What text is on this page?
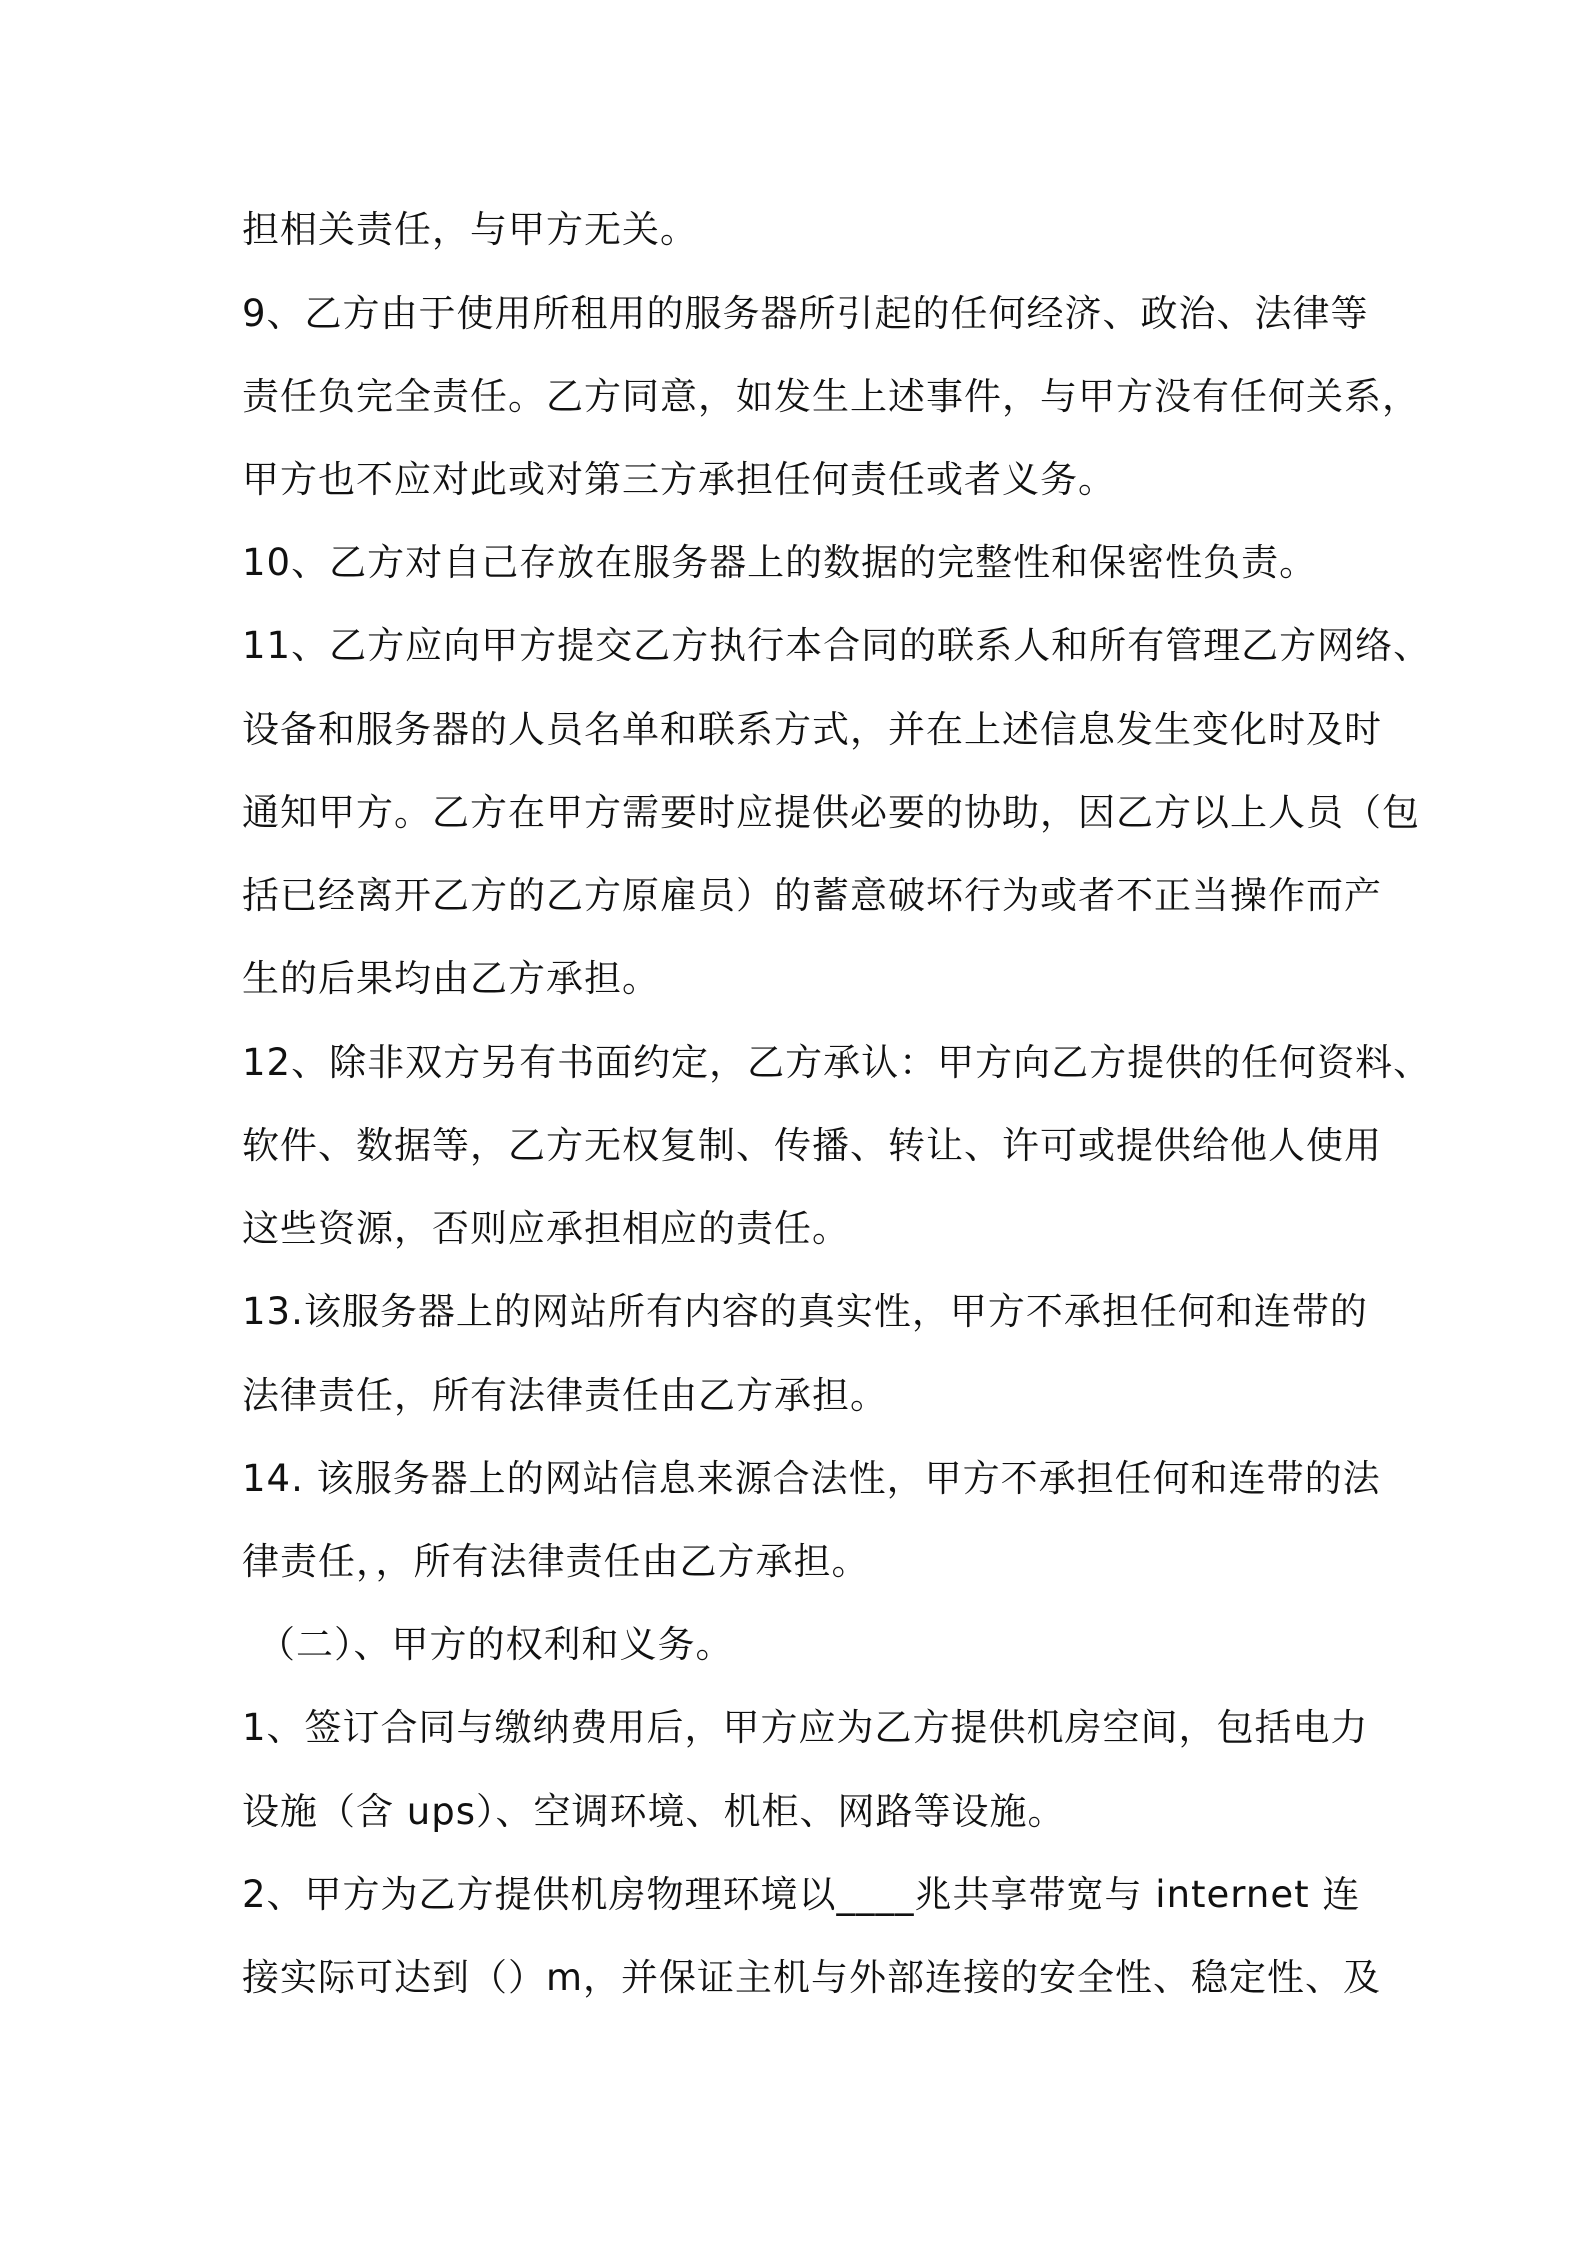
担相关责任，与甲方无关。
9、乙方由于使用所租用的服务器所引起的任何经济、政治、法律等
责任负完全责任。乙方同意，如发生上述事件，与甲方没有任何关系，
甲方也不应对此或对第三方承担任何责任或者义务。
10、乙方对自己存放在服务器上的数据的完整性和保密性负责。
11、乙方应向甲方提交乙方执行本合同的联系人和所有管理乙方网络、
设备和服务器的人员名单和联系方式，并在上述信息发生变化时及时
通知甲方。乙方在甲方需要时应提供必要的协助，因乙方以上人员（包
括已经离开乙方的乙方原雇员）的蓄意破坏行为或者不正当操作而产
生的后果均由乙方承担。
12、除非双方另有书面约定，乙方承认：甲方向乙方提供的任何资料、
软件、数据等，乙方无权复制、传播、转让、许可或提供给他人使用
这些资源，否则应承担相应的责任。
13.该服务器上的网站所有内容的真实性，甲方不承担任何和连带的
法律责任，所有法律责任由乙方承担。
14. 该服务器上的网站信息来源合法性，甲方不承担任何和连带的法
律责任，，所有法律责任由乙方承担。
（二）、甲方的权利和义务。
1、签订合同与缴纳费用后，甲方应为乙方提供机房空间，包括电力
设施（含 ups）、空调环境、机柜、网路等设施。
2、甲方为乙方提供机房物理环境以____兆共享带宽与 internet 连
接实际可达到（）m，并保证主机与外部连接的安全性、稳定性、及
